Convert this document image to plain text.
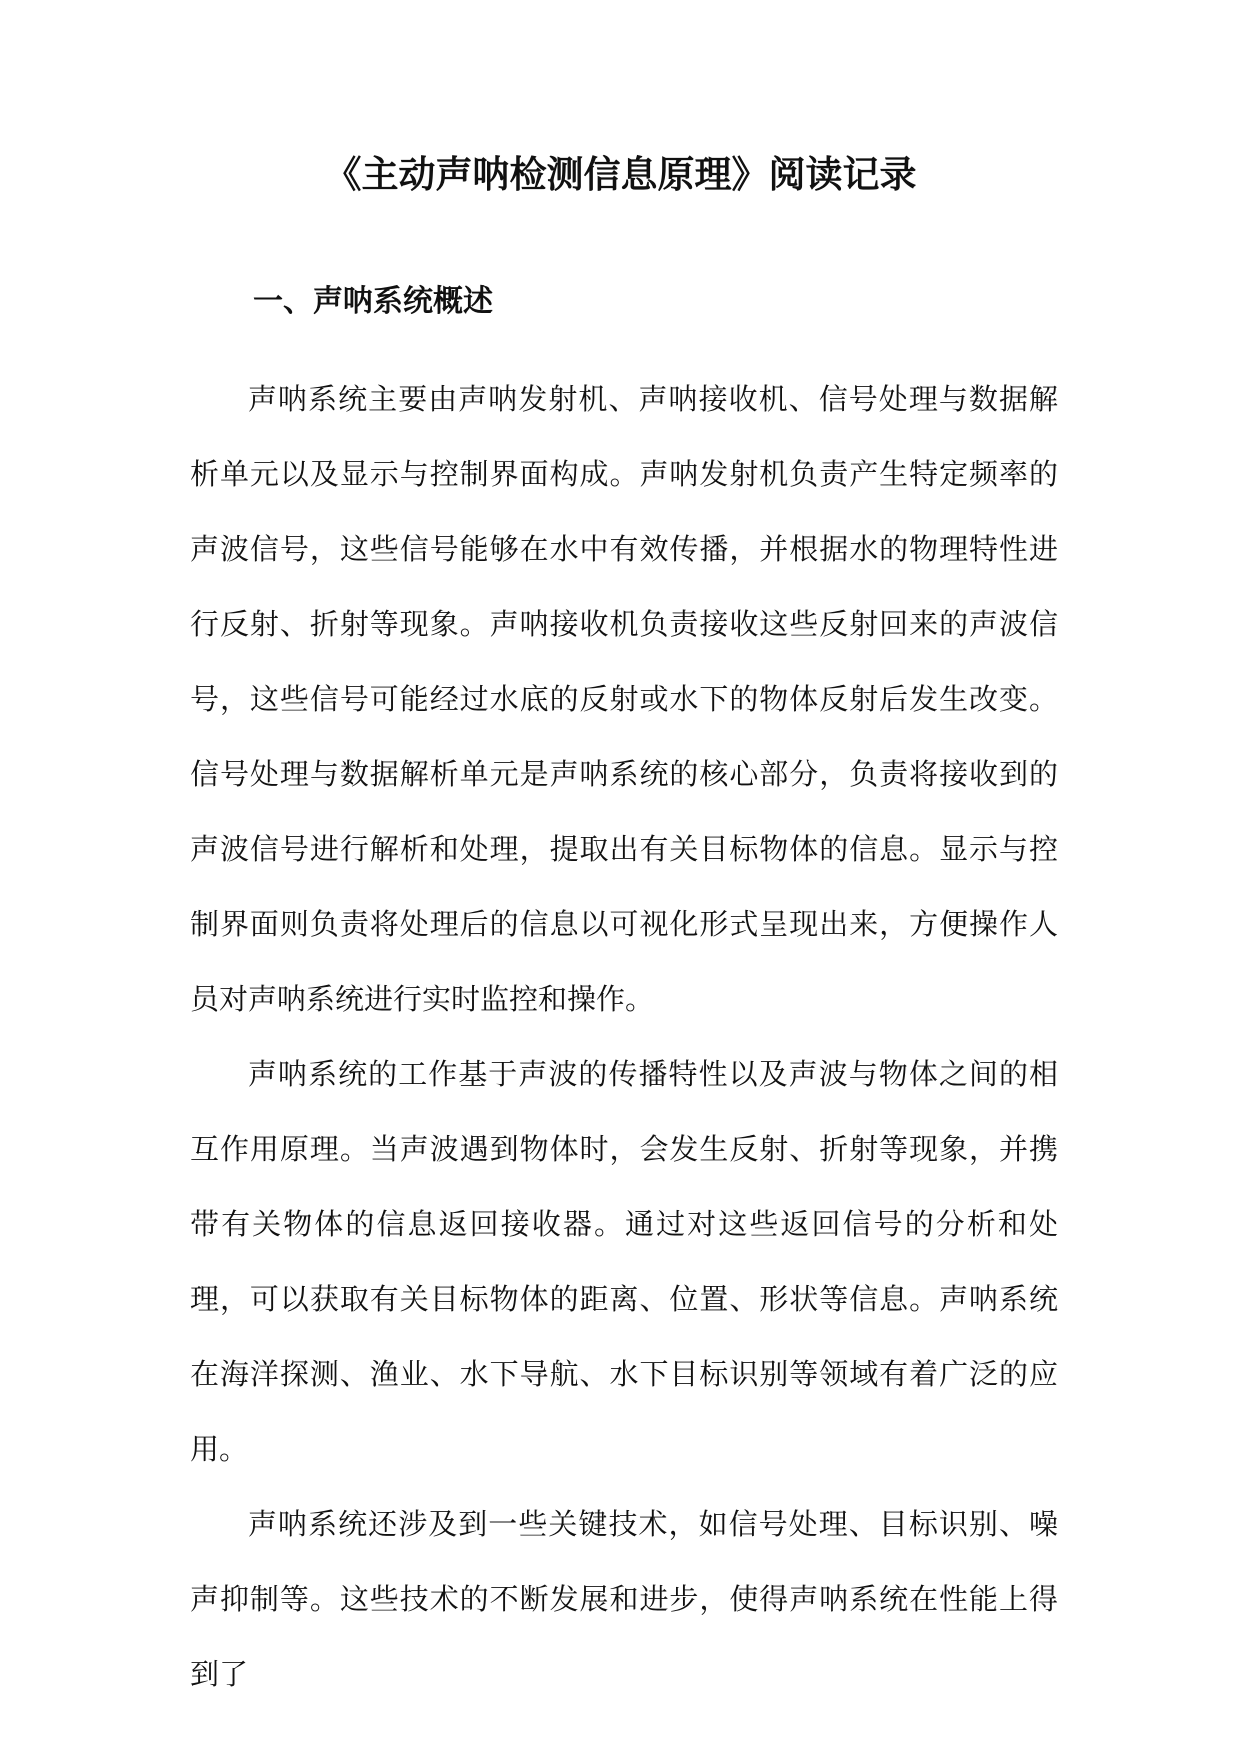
《主动声呐检测信息原理》阅读记录
一、声呐系统概述

声呐系统主要由声呐发射机、声呐接收机、信号处理与数据解析单元以及显示与控制界面构成。声呐发射机负责产生特定频率的声波信号，这些信号能够在水中有效传播，并根据水的物理特性进行反射、折射等现象。声呐接收机负责接收这些反射回来的声波信号，这些信号可能经过水底的反射或水下的物体反射后发生改变。信号处理与数据解析单元是声呐系统的核心部分，负责将接收到的声波信号进行解析和处理，提取出有关目标物体的信息。显示与控制界面则负责将处理后的信息以可视化形式呈现出来，方便操作人员对声呐系统进行实时监控和操作。

声呐系统的工作基于声波的传播特性以及声波与物体之间的相互作用原理。当声波遇到物体时，会发生反射、折射等现象，并携带有关物体的信息返回接收器。通过对这些返回信号的分析和处理，可以获取有关目标物体的距离、位置、形状等信息。声呐系统在海洋探测、渔业、水下导航、水下目标识别等领域有着广泛的应用。

声呐系统还涉及到一些关键技术，如信号处理、目标识别、噪声抑制等。这些技术的不断发展和进步，使得声呐系统在性能上得到了
